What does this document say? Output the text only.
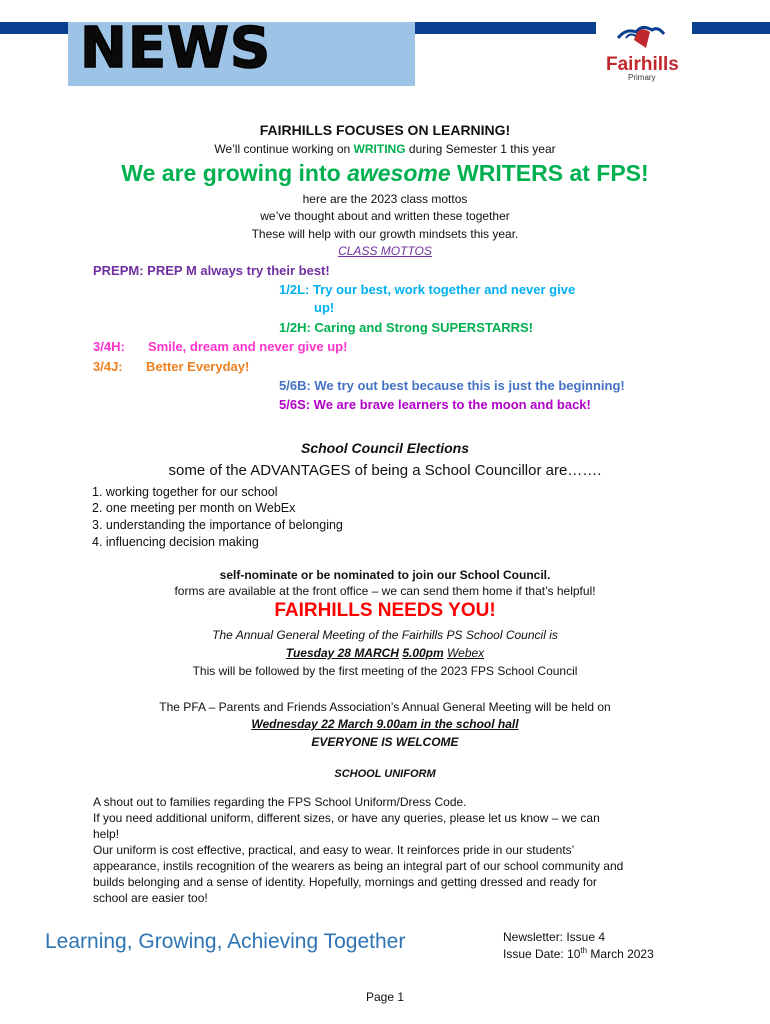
NEWS	Fairhills
Primary
FAIRHILLS FOCUSES ON LEARNING!
We’ll continue working on WRITING during Semester 1 this year
We are growing into awesome WRITERS at FPS!
here are the 2023 class mottos
we’ve thought about and written these together
These will help with our growth mindsets this year.
CLASS MOTTOS
PREPM: PREP M always try their best!
1/2L: Try our best, work together and never give
up!
1/2H: Caring and Strong SUPERSTARRS!
3/4H: Smile, dream and never give up!
3/4J: Better Everyday!
5/6B: We try out best because this is just the beginning!
5/6S: We are brave learners to the moon and back!
School Council Elections
some of the ADVANTAGES of being a School Councillor are…….
1. working together for our school
2. one meeting per month on WebEx
3. understanding the importance of belonging
4. influencing decision making
self-nominate or be nominated to join our School Council.
forms are available at the front office – we can send them home if that’s helpful!
FAIRHILLS NEEDS YOU!
The Annual General Meeting of the Fairhills PS School Council is
Tuesday 28 MARCH 5.00pm Webex
This will be followed by the first meeting of the 2023 FPS School Council
The PFA – Parents and Friends Association’s Annual General Meeting will be held on
Wednesday 22 March 9.00am in the school hall
EVERYONE IS WELCOME
SCHOOL UNIFORM
A shout out to families regarding the FPS School Uniform/Dress Code.
If you need additional uniform, different sizes, or have any queries, please let us know – we can
help!
Our uniform is cost effective, practical, and easy to wear. It reinforces pride in our students’
appearance, instils recognition of the wearers as being an integral part of our school community and
builds belonging and a sense of identity. Hopefully, mornings and getting dressed and ready for
school are easier too!
Learning, Growing, Achieving Together	Newsletter: Issue 4
Issue Date: 10th March 2023
Page 1
